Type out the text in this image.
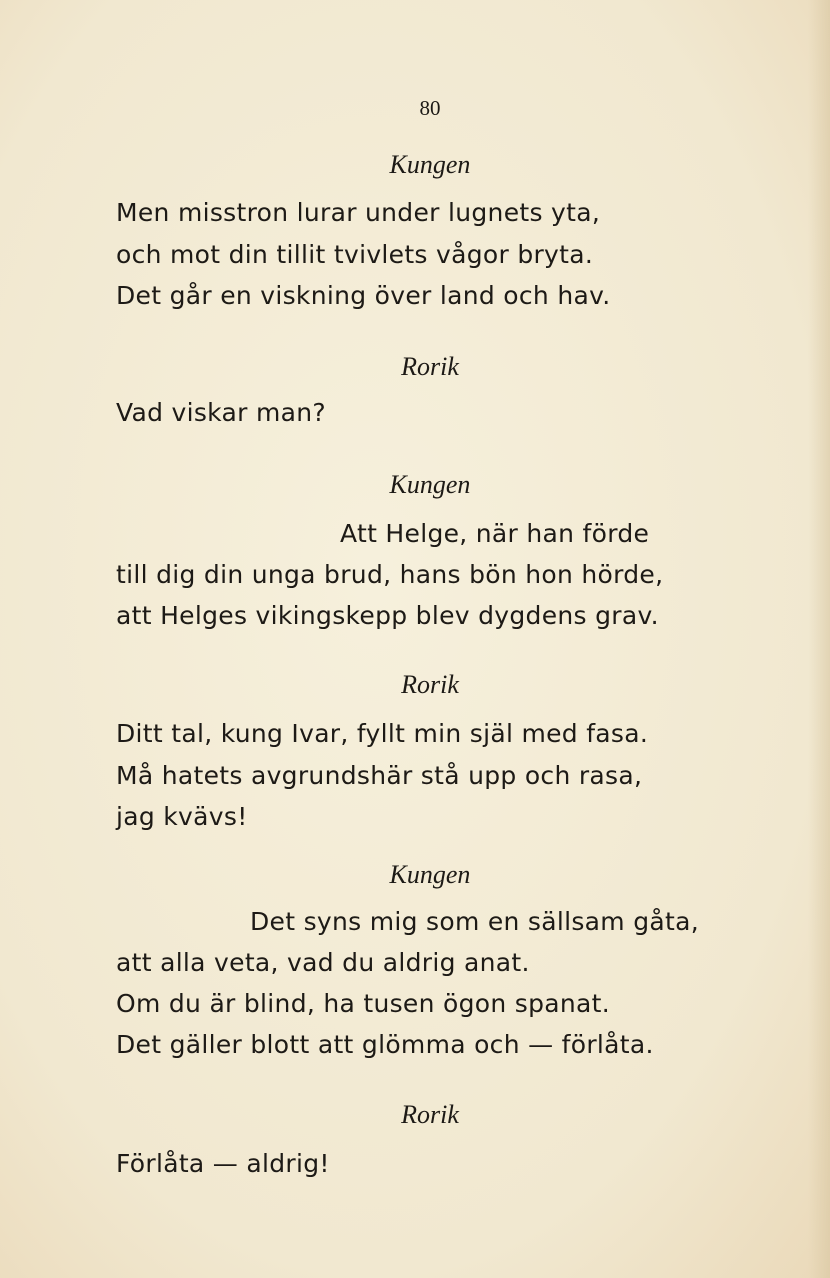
80
Kungen
Men misstron lurar under lugnets yta,
och mot din tillit tvivlets vågor bryta.
Det går en viskning över land och hav.
Rorik
Vad viskar man?
Kungen
Att Helge, när han förde
till dig din unga brud, hans bön hon hörde,
att Helges vikingskepp blev dygdens grav.
Rorik
Ditt tal, kung Ivar, fyllt min själ med fasa.
Må hatets avgrundshär stå upp och rasa,
jag kvävs!
Kungen
Det syns mig som en sällsam gåta,
att alla veta, vad du aldrig anat.
Om du är blind, ha tusen ögon spanat.
Det gäller blott att glömma och — förlåta.
Rorik
Förlåta — aldrig!
